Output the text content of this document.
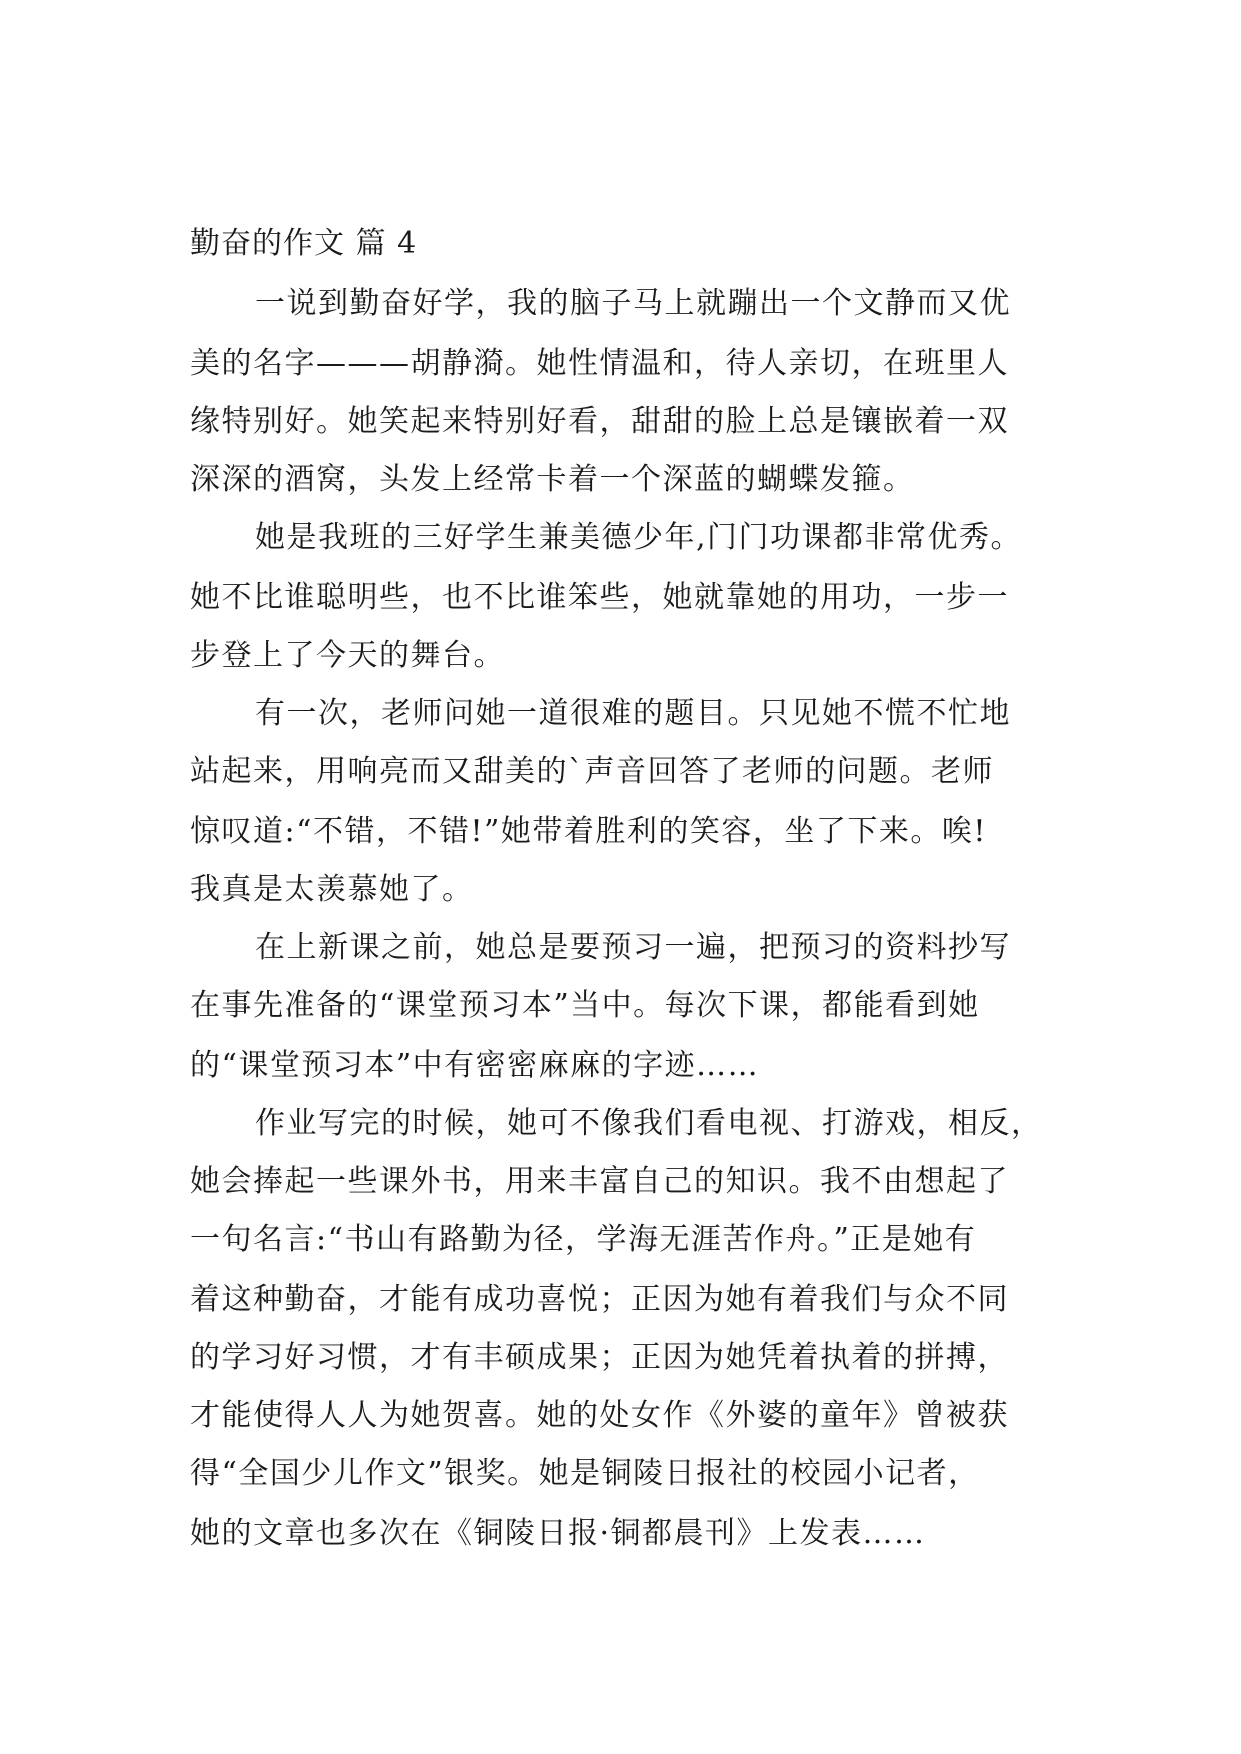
勤奋的作文 篇 4
一说到勤奋好学，我的脑子马上就蹦出一个文静而又优
美的名字———胡静漪。她性情温和，待人亲切，在班里人
缘特别好。她笑起来特别好看，甜甜的脸上总是镶嵌着一双
深深的酒窝，头发上经常卡着一个深蓝的蝴蝶发箍。
她是我班的三好学生兼美德少年,门门功课都非常优秀。
她不比谁聪明些，也不比谁笨些，她就靠她的用功，一步一
步登上了今天的舞台。
有一次，老师问她一道很难的题目。只见她不慌不忙地
站起来，用响亮而又甜美的`声音回答了老师的问题。老师
惊叹道:“不错，不错!”她带着胜利的笑容，坐了下来。唉!
我真是太羡慕她了。
在上新课之前，她总是要预习一遍，把预习的资料抄写
在事先准备的“课堂预习本”当中。每次下课，都能看到她
的“课堂预习本”中有密密麻麻的字迹……
作业写完的时候，她可不像我们看电视、打游戏，相反，
她会捧起一些课外书，用来丰富自己的知识。我不由想起了
一句名言:“书山有路勤为径，学海无涯苦作舟。”正是她有
着这种勤奋，才能有成功喜悦；正因为她有着我们与众不同
的学习好习惯，才有丰硕成果；正因为她凭着执着的拼搏，
才能使得人人为她贺喜。她的处女作《外婆的童年》曾被获
得“全国少儿作文”银奖。她是铜陵日报社的校园小记者，
她的文章也多次在《铜陵日报·铜都晨刊》上发表……
